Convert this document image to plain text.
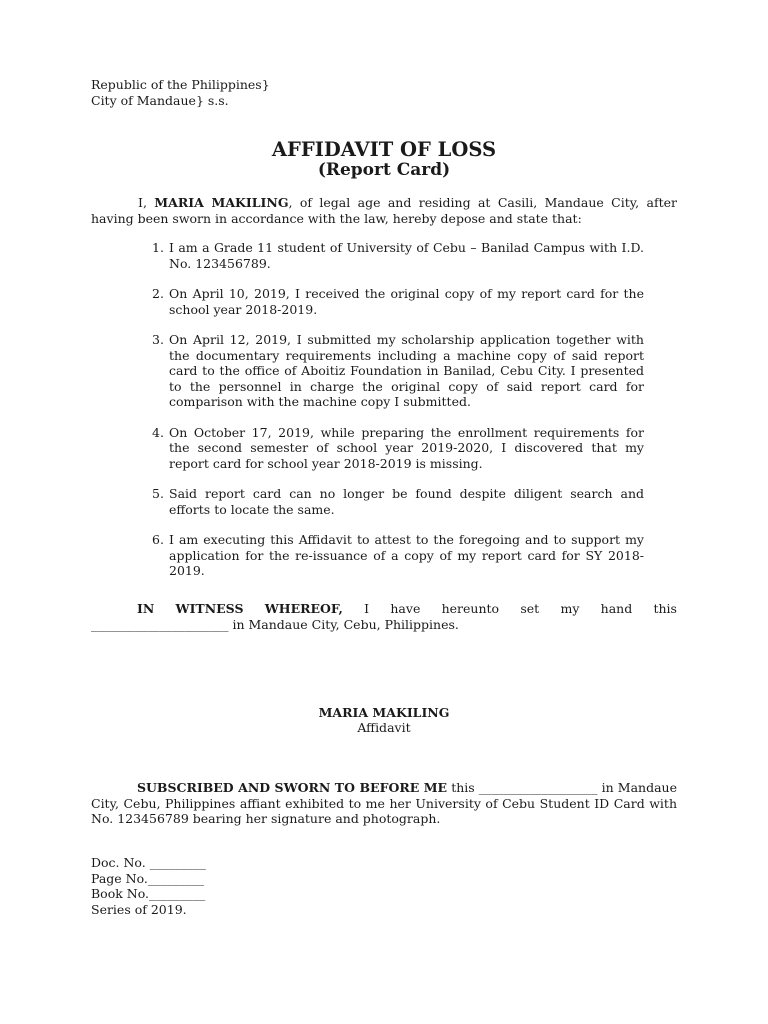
Republic of the Philippines}
City of Mandaue} s.s.
AFFIDAVIT OF LOSS
(Report Card)
I, MARIA MAKILING, of legal age and residing at Casili, Mandaue City, after having been sworn in accordance with the law, hereby depose and state that:
1. I am a Grade 11 student of University of Cebu – Banilad Campus with I.D. No. 123456789.
2. On April 10, 2019, I received the original copy of my report card for the school year 2018-2019.
3. On April 12, 2019, I submitted my scholarship application together with the documentary requirements including a machine copy of said report card to the office of Aboitiz Foundation in Banilad, Cebu City. I presented to the personnel in charge the original copy of said report card for comparison with the machine copy I submitted.
4. On October 17, 2019, while preparing the enrollment requirements for the second semester of school year 2019-2020, I discovered that my report card for school year 2018-2019 is missing.
5. Said report card can no longer be found despite diligent search and efforts to locate the same.
6. I am executing this Affidavit to attest to the foregoing and to support my application for the re-issuance of a copy of my report card for SY 2018-2019.
IN WITNESS WHEREOF, I have hereunto set my hand this
______________________ in Mandaue City, Cebu, Philippines.
MARIA MAKILING
Affidavit
SUBSCRIBED AND SWORN TO BEFORE ME this ___________________ in Mandaue City, Cebu, Philippines affiant exhibited to me her University of Cebu Student ID Card with No. 123456789 bearing her signature and photograph.
Doc. No. _________
Page No._________
Book No._________
Series of 2019.
